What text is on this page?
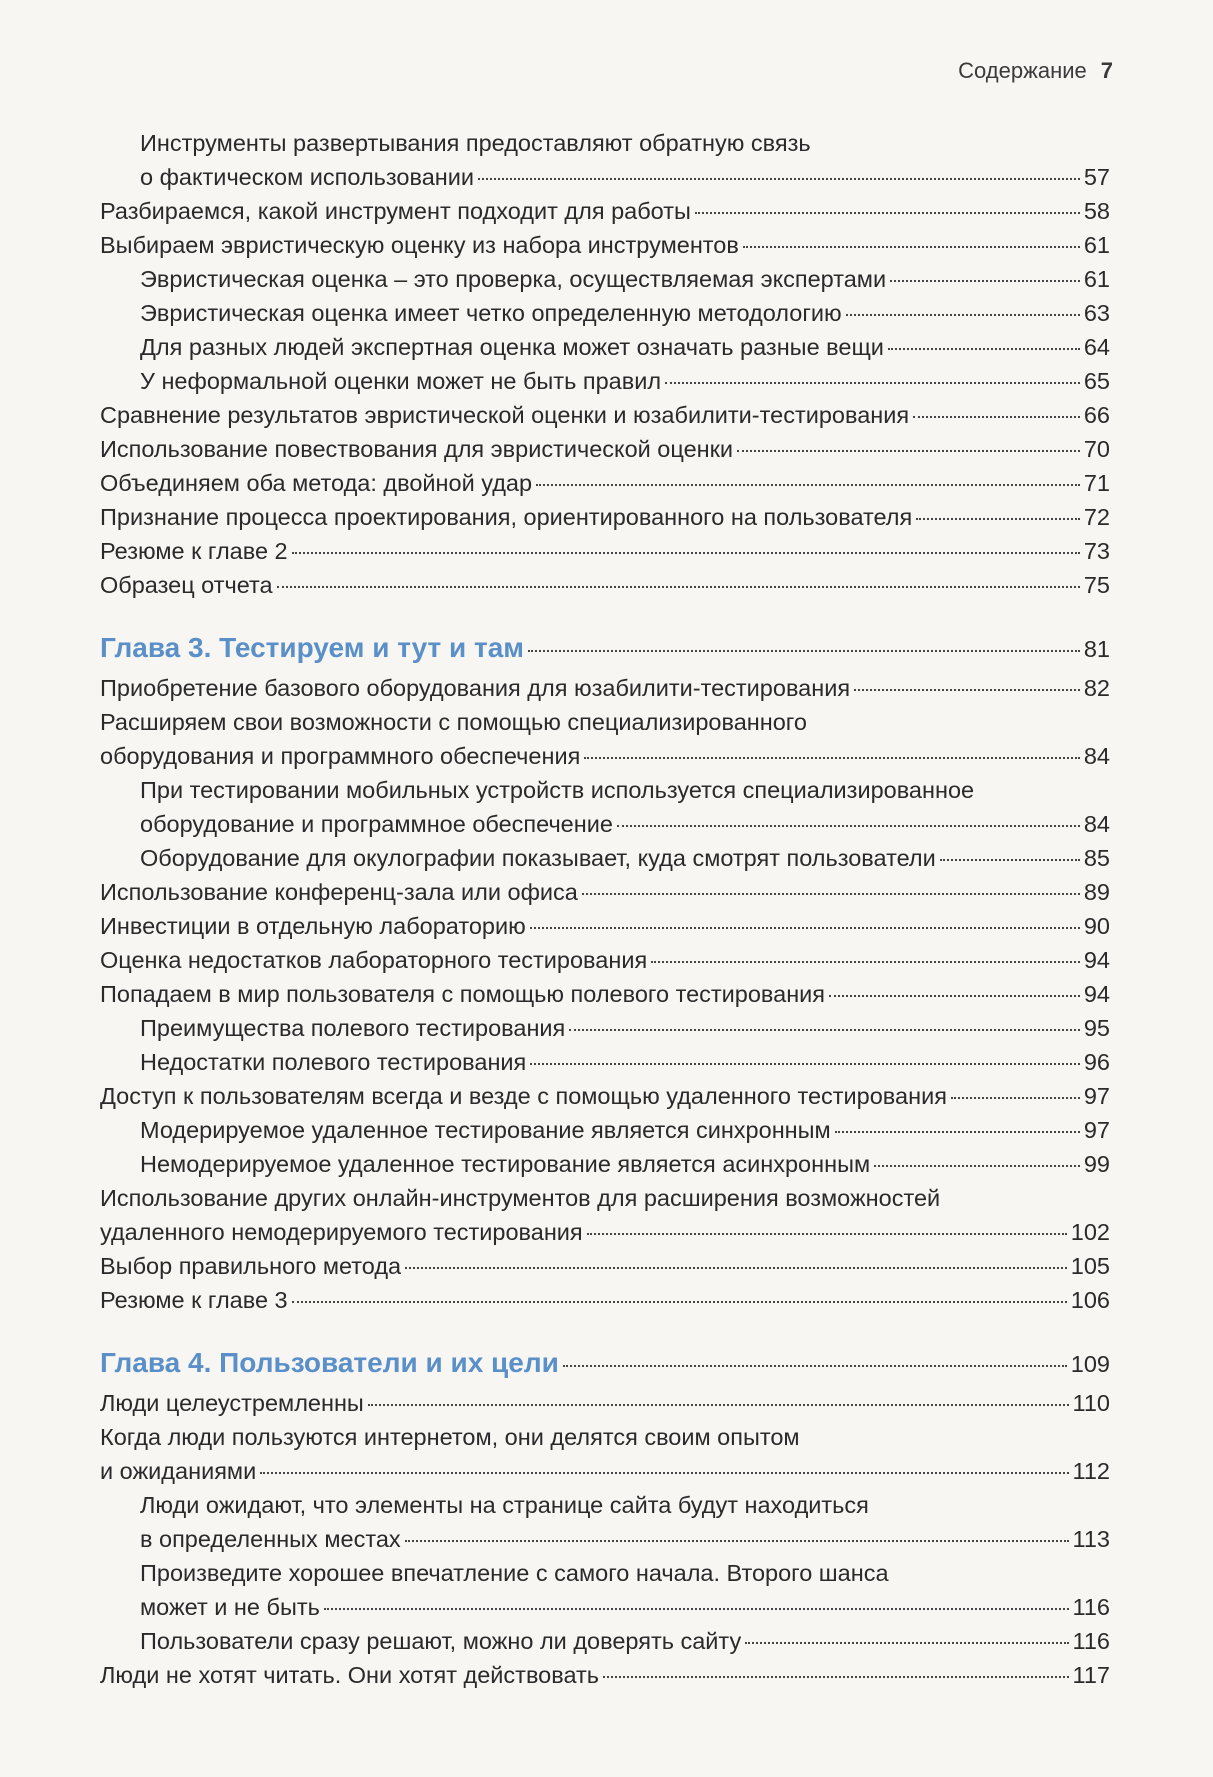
Содержание 7
Инструменты развертывания предоставляют обратную связь
о фактическом использовании	57
Разбираемся, какой инструмент подходит для работы	58
Выбираем эвристическую оценку из набора инструментов	61
Эвристическая оценка – это проверка, осуществляемая экспертами	61
Эвристическая оценка имеет четко определенную методологию	63
Для разных людей экспертная оценка может означать разные вещи	64
У неформальной оценки может не быть правил	65
Сравнение результатов эвристической оценки и юзабилити-тестирования	66
Использование повествования для эвристической оценки	70
Объединяем оба метода: двойной удар	71
Признание процесса проектирования, ориентированного на пользователя	72
Резюме к главе 2	73
Образец отчета	75
Глава 3. Тестируем и тут и там	81
Приобретение базового оборудования для юзабилити-тестирования	82
Расширяем свои возможности с помощью специализированного
оборудования и программного обеспечения	84
При тестировании мобильных устройств используется специализированное
оборудование и программное обеспечение	84
Оборудование для окулографии показывает, куда смотрят пользователи	85
Использование конференц-зала или офиса	89
Инвестиции в отдельную лабораторию	90
Оценка недостатков лабораторного тестирования	94
Попадаем в мир пользователя с помощью полевого тестирования	94
Преимущества полевого тестирования	95
Недостатки полевого тестирования	96
Доступ к пользователям всегда и везде с помощью удаленного тестирования	97
Модерируемое удаленное тестирование является синхронным	97
Немодерируемое удаленное тестирование является асинхронным	99
Использование других онлайн-инструментов для расширения возможностей
удаленного немодерируемого тестирования	102
Выбор правильного метода	105
Резюме к главе 3	106
Глава 4. Пользователи и их цели	109
Люди целеустремленны	110
Когда люди пользуются интернетом, они делятся своим опытом
и ожиданиями	112
Люди ожидают, что элементы на странице сайта будут находиться
в определенных местах	113
Произведите хорошее впечатление с самого начала. Второго шанса
может и не быть	116
Пользователи сразу решают, можно ли доверять сайту	116
Люди не хотят читать. Они хотят действовать	117
